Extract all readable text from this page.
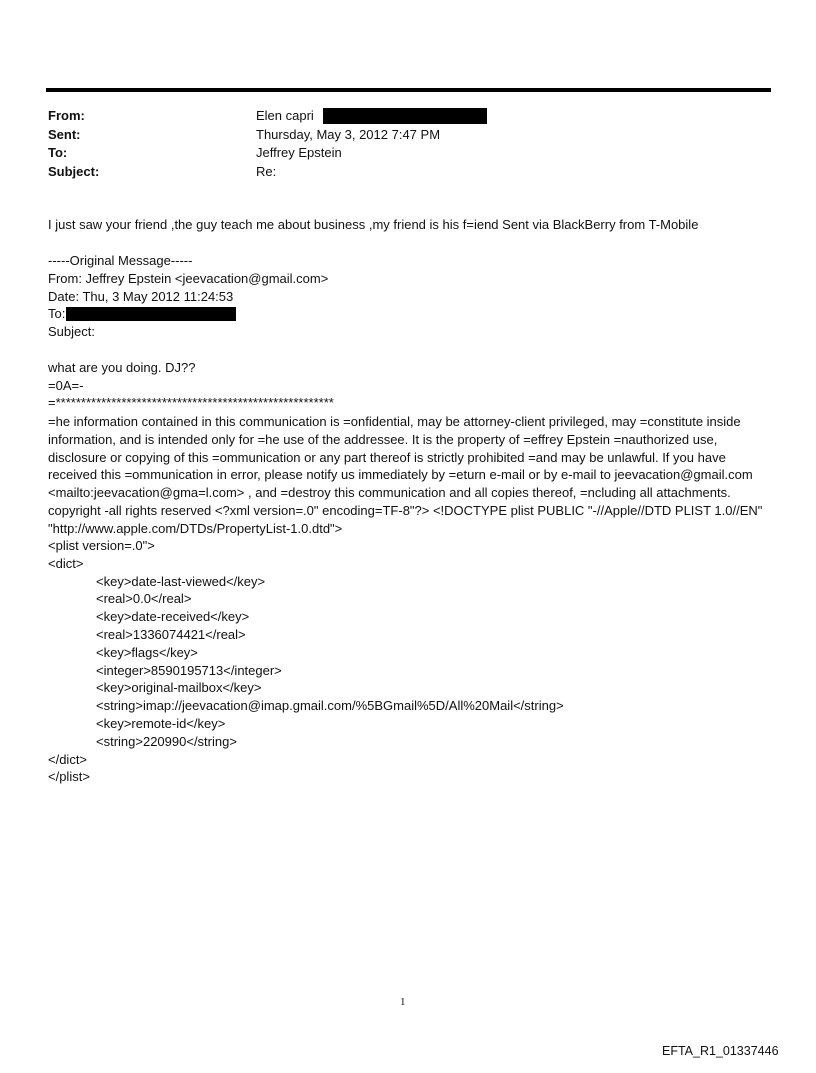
From:	Elen capri
Sent:	Thursday, May 3, 2012 7:47 PM
To:	Jeffrey Epstein
Subject:	Re:
I just saw your friend ,the guy teach me about business ,my friend is his f=iend Sent via BlackBerry from T-Mobile
-----Original Message-----
From: Jeffrey Epstein <jeevacation@gmail.com>
Date: Thu, 3 May 2012 11:24:53
To:
Subject:
what are you doing. DJ??
=0A=-
=*******************************************************
=he information contained in this communication is =onfidential, may be attorney-client privileged, may =constitute inside information, and is intended only for =he use of the addressee. It is the property of =effrey Epstein =nauthorized use, disclosure or copying of this =ommunication or any part thereof is strictly prohibited =and may be unlawful. If you have received this =ommunication in error, please notify us immediately by =eturn e-mail or by e-mail to jeevacation@gmail.com <mailto:jeevacation@gma=l.com> , and =destroy this communication and all copies thereof, =ncluding all attachments. copyright -all rights reserved <?xml version=.0" encoding=TF-8"?> <!DOCTYPE plist PUBLIC "-//Apple//DTD PLIST 1.0//EN" "http://www.apple.com/DTDs/PropertyList-1.0.dtd">
<plist version=.0">
<dict>
<key>date-last-viewed</key>
<real>0.0</real>
<key>date-received</key>
<real>1336074421</real>
<key>flags</key>
<integer>8590195713</integer>
<key>original-mailbox</key>
<string>imap://jeevacation@imap.gmail.com/%5BGmail%5D/All%20Mail</string>
<key>remote-id</key>
<string>220990</string>
</dict>
</plist>
1
EFTA_R1_01337446
